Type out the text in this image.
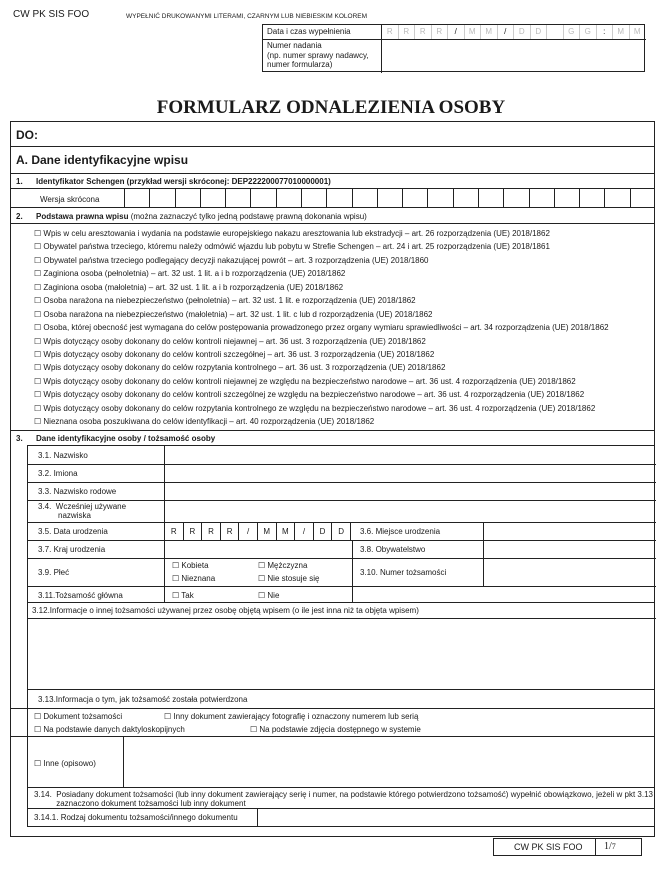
CW PK SIS FOO	WYPEŁNIĆ DRUKOWANYMI LITERAMI, CZARNYM LUB NIEBIESKIM KOLOREM
Data i czas wypełnienia	R	R	R	R	/	M	M	/	D	D	G	G	:	M	M
Numer nadania
(np. numer sprawy nadawcy,
numer formularza)
FORMULARZ ODNALEZIENIA OSOBY
DO:
A. Dane identyfikacyjne wpisu
1. Identyfikator Schengen (przykład wersji skróconej: DEP222200077010000001)
Wersja skrócona
2. Podstawa prawna wpisu (można zaznaczyć tylko jedną podstawę prawną dokonania wpisu)
☐ Wpis w celu aresztowania i wydania na podstawie europejskiego nakazu aresztowania lub ekstradycji – art. 26 rozporządzenia (UE) 2018/1862
☐ Obywatel państwa trzeciego, któremu należy odmówić wjazdu lub pobytu w Strefie Schengen – art. 24 i art. 25 rozporządzenia (UE) 2018/1861
☐ Obywatel państwa trzeciego podlegający decyzji nakazującej powrót – art. 3 rozporządzenia (UE) 2018/1860
☐ Zaginiona osoba (pełnoletnia) – art. 32 ust. 1 lit. a i b rozporządzenia (UE) 2018/1862
☐ Zaginiona osoba (małoletnia) – art. 32 ust. 1 lit. a i b rozporządzenia (UE) 2018/1862
☐ Osoba narażona na niebezpieczeństwo (pełnoletnia) – art. 32 ust. 1 lit. e rozporządzenia (UE) 2018/1862
☐ Osoba narażona na niebezpieczeństwo (małoletnia) – art. 32 ust. 1 lit. c lub d rozporządzenia (UE) 2018/1862
☐ Osoba, której obecność jest wymagana do celów postępowania prowadzonego przez organy wymiaru sprawiedliwości – art. 34 rozporządzenia (UE) 2018/1862
☐ Wpis dotyczący osoby dokonany do celów kontroli niejawnej – art. 36 ust. 3 rozporządzenia (UE) 2018/1862
☐ Wpis dotyczący osoby dokonany do celów kontroli szczegółnej – art. 36 ust. 3 rozporządzenia (UE) 2018/1862
☐ Wpis dotyczący osoby dokonany do celów rozpytania kontrolnego – art. 36 ust. 3 rozporządzenia (UE) 2018/1862
☐ Wpis dotyczący osoby dokonany do celów kontroli niejawnej ze względu na bezpieczeństwo narodowe – art. 36 ust. 4 rozporządzenia (UE) 2018/1862
☐ Wpis dotyczący osoby dokonany do celów kontroli szczególnej ze względu na bezpieczeństwo narodowe – art. 36 ust. 4 rozporządzenia (UE) 2018/1862
☐ Wpis dotyczący osoby dokonany do celów rozpytania kontrolnego ze względu na bezpieczeństwo narodowe – art. 36 ust. 4 rozporządzenia (UE) 2018/1862
☐ Nieznana osoba poszukiwana do celów identyfikacji – art. 40 rozporządzenia (UE) 2018/1862
3. Dane identyfikacyjne osoby / tożsamość osoby
3.1. Nazwisko
3.2. Imiona
3.3. Nazwisko rodowe
3.4.  Wcześniej używane
nazwiska
3.5. Data urodzenia	R	R	R	R	/	M	M	/	D	D	3.6. Miejsce urodzenia
3.7. Kraj urodzenia	3.8. Obywatelstwo
3.9. Płeć
☐ Kobieta	☐ Mężczyzna
☐ Nieznana	☐ Nie stosuje się
3.10. Numer tożsamości
3.11.Tożsamość główna	☐ Tak	☐ Nie
3.12.Informacje o innej tożsamości używanej przez osobę objętą wpisem (o ile jest inna niż ta objęta wpisem)
3.13.Informacja o tym, jak tożsamość została potwierdzona
☐ Dokument tożsamości	☐ Inny dokument zawierający fotografię i oznaczony numerem lub serią
☐ Na podstawie danych daktyloskopijnych	☐ Na podstawie zdjęcia dostępnego w systemie
☐ Inne (opisowo)
3.14.  Posiadany dokument tożsamości (lub inny dokument zawierający serię i numer, na podstawie którego potwierdzono tożsamość) wypełnić obowiązkowo, jeżeli w pkt 3.13
zaznaczono dokument tożsamości lub inny dokument
3.14.1. Rodzaj dokumentu tożsamości/innego dokumentu
CW PK SIS FOO 1/7
